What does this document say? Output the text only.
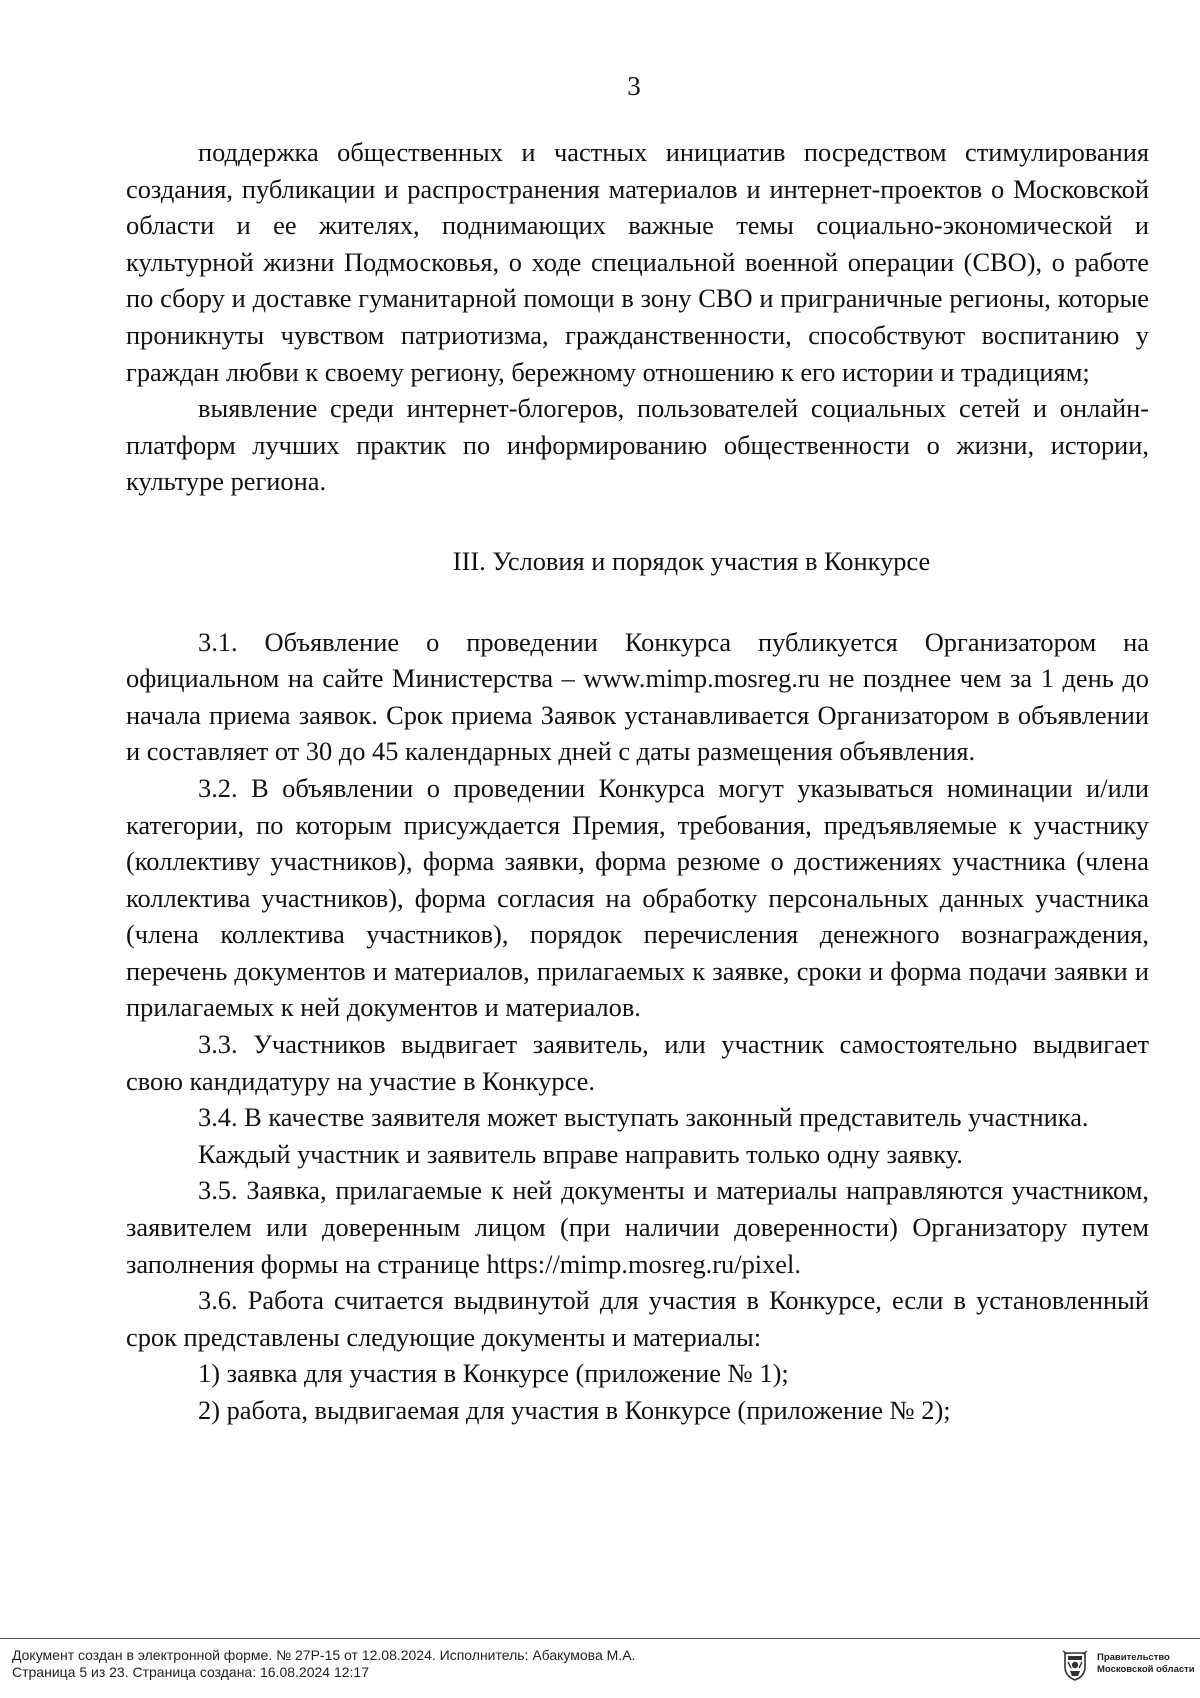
3

поддержка общественных и частных инициатив посредством стимулирования создания, публикации и распространения материалов и интернет-проектов о Московской области и ее жителях, поднимающих важные темы социально-экономической и культурной жизни Подмосковья, о ходе специальной военной операции (СВО), о работе по сбору и доставке гуманитарной помощи в зону СВО и приграничные регионы, которые проникнуты чувством патриотизма, гражданственности, способствуют воспитанию у граждан любви к своему региону, бережному отношению к его истории и традициям;

выявление среди интернет-блогеров, пользователей социальных сетей и онлайн-платформ лучших практик по информированию общественности о жизни, истории, культуре региона.

III. Условия и порядок участия в Конкурсе

3.1. Объявление о проведении Конкурса публикуется Организатором на официальном на сайте Министерства – www.mimp.mosreg.ru не позднее чем за 1 день до начала приема заявок. Срок приема Заявок устанавливается Организатором в объявлении и составляет от 30 до 45 календарных дней с даты размещения объявления.

3.2. В объявлении о проведении Конкурса могут указываться номинации и/или категории, по которым присуждается Премия, требования, предъявляемые к участнику (коллективу участников), форма заявки, форма резюме о достижениях участника (члена коллектива участников), форма согласия на обработку персональных данных участника (члена коллектива участников), порядок перечисления денежного вознаграждения, перечень документов и материалов, прилагаемых к заявке, сроки и форма подачи заявки и прилагаемых к ней документов и материалов.

3.3. Участников выдвигает заявитель, или участник самостоятельно выдвигает свою кандидатуру на участие в Конкурсе.

3.4. В качестве заявителя может выступать законный представитель участника.

Каждый участник и заявитель вправе направить только одну заявку.

3.5. Заявка, прилагаемые к ней документы и материалы направляются участником, заявителем или доверенным лицом (при наличии доверенности) Организатору путем заполнения формы на странице https://mimp.mosreg.ru/pixel.

3.6. Работа считается выдвинутой для участия в Конкурсе, если в установленный срок представлены следующие документы и материалы:

1) заявка для участия в Конкурсе (приложение № 1);

2) работа, выдвигаемая для участия в Конкурсе (приложение № 2);

Документ создан в электронной форме. № 27Р-15 от 12.08.2024. Исполнитель: Абакумова М.А.
Страница 5 из 23. Страница создана: 16.08.2024 12:17
Правительство
Московской области
